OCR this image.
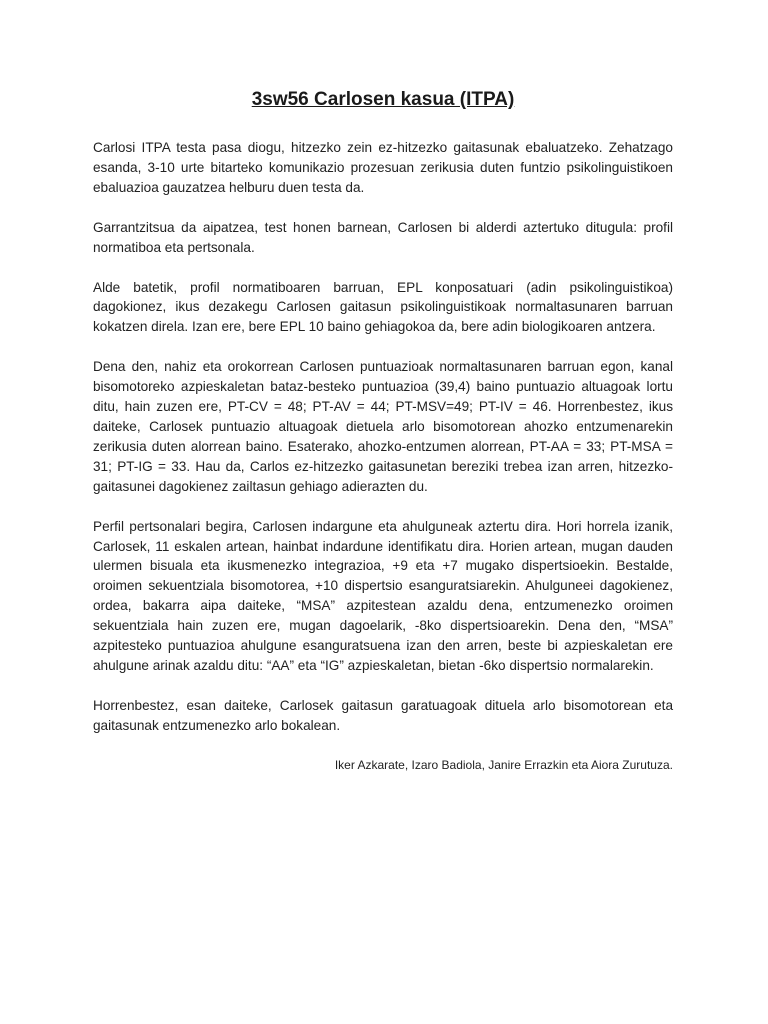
3sw56 Carlosen kasua (ITPA)

Carlosi ITPA testa pasa diogu, hitzezko zein ez-hitzezko gaitasunak ebaluatzeko. Zehatzago esanda, 3-10 urte bitarteko komunikazio prozesuan zerikusia duten funtzio psikolinguistikoen ebaluazioa gauzatzea helburu duen testa da.

Garrantzitsua da aipatzea, test honen barnean, Carlosen bi alderdi aztertuko ditugula: profil normatiboa eta pertsonala.

Alde batetik, profil normatiboaren barruan, EPL konposatuari (adin psikolinguistikoa) dagokionez, ikus dezakegu Carlosen gaitasun psikolinguistikoak normaltasunaren barruan kokatzen direla. Izan ere, bere EPL 10 baino gehiagokoa da, bere adin biologikoaren antzera.

Dena den, nahiz eta orokorrean Carlosen puntuazioak normaltasunaren barruan egon, kanal bisomotoreko azpieskaletan bataz-besteko puntuazioa (39,4) baino puntuazio altuagoak lortu ditu, hain zuzen ere, PT-CV = 48; PT-AV = 44; PT-MSV=49; PT-IV = 46. Horrenbestez, ikus daiteke, Carlosek puntuazio altuagoak dietuela arlo bisomotorean ahozko entzumenarekin zerikusia duten alorrean baino. Esaterako, ahozko-entzumen alorrean, PT-AA = 33; PT-MSA = 31; PT-IG = 33. Hau da, Carlos ez-hitzezko gaitasunetan bereziki trebea izan arren, hitzezko-gaitasunei dagokienez zailtasun gehiago adierazten du.

Perfil pertsonalari begira, Carlosen indargune eta ahulguneak aztertu dira. Hori horrela izanik, Carlosek, 11 eskalen artean, hainbat indardune identifikatu dira. Horien artean, mugan dauden ulermen bisuala eta ikusmenezko integrazioa, +9 eta +7 mugako dispertsioekin. Bestalde, oroimen sekuentziala bisomotorea, +10 dispertsio esanguratsiarekin. Ahulguneei dagokienez, ordea, bakarra aipa daiteke, “MSA” azpitestean azaldu dena, entzumenezko oroimen sekuentziala hain zuzen ere, mugan dagoelarik, -8ko dispertsioarekin. Dena den, “MSA” azpitesteko puntuazioa ahulgune esanguratsuena izan den arren, beste bi azpieskaletan ere ahulgune arinak azaldu ditu: “AA” eta “IG” azpieskaletan, bietan -6ko dispertsio normalarekin.

Horrenbestez, esan daiteke, Carlosek gaitasun garatuagoak dituela arlo bisomotorean eta gaitasunak entzumenezko arlo bokalean.

Iker Azkarate, Izaro Badiola, Janire Errazkin eta Aiora Zurutuza.
